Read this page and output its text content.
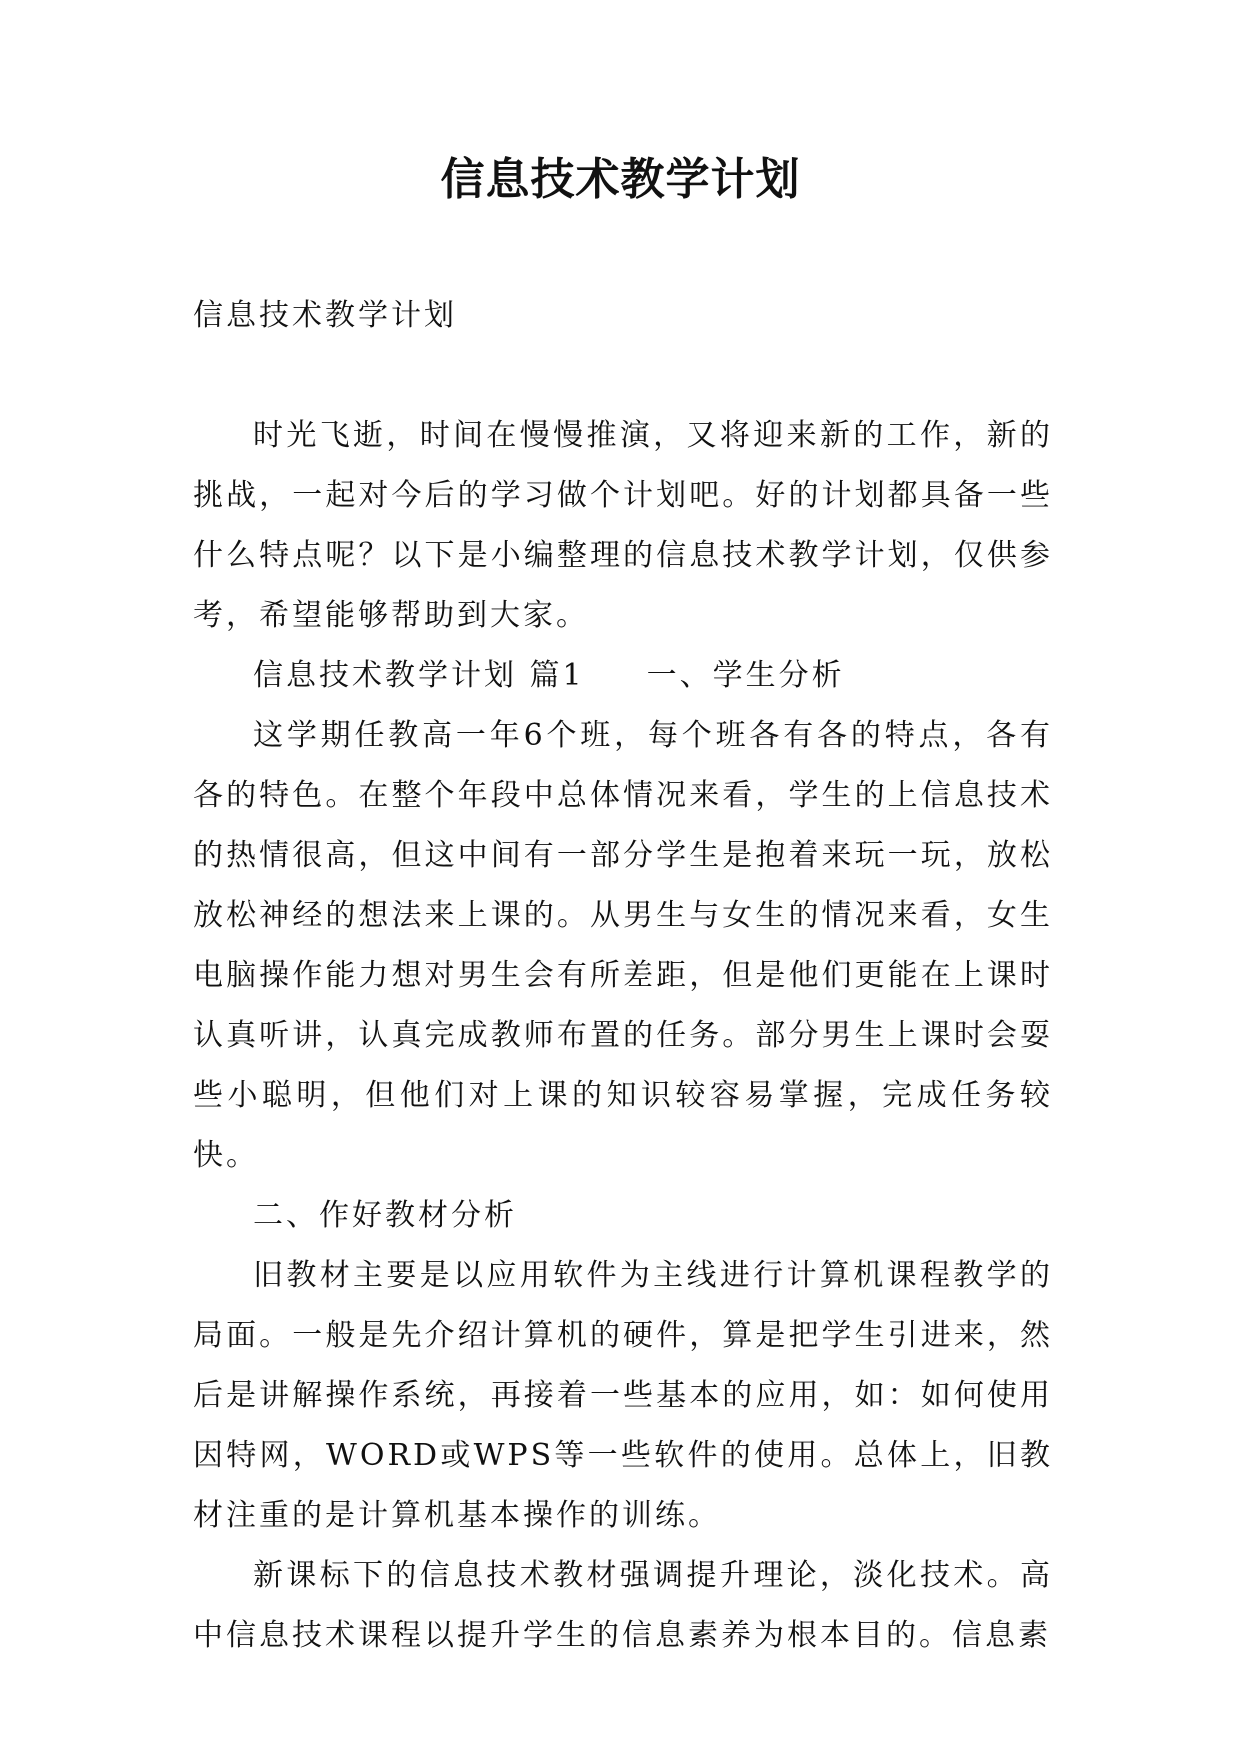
信息技术教学计划

信息技术教学计划

时光飞逝，时间在慢慢推演，又将迎来新的工作，新的挑战，一起对今后的学习做个计划吧。好的计划都具备一些什么特点呢？以下是小编整理的信息技术教学计划，仅供参考，希望能够帮助到大家。

信息技术教学计划 篇1 一、学生分析

这学期任教高一年6个班，每个班各有各的特点，各有各的特色。在整个年段中总体情况来看，学生的上信息技术的热情很高，但这中间有一部分学生是抱着来玩一玩，放松放松神经的想法来上课的。从男生与女生的情况来看，女生电脑操作能力想对男生会有所差距，但是他们更能在上课时认真听讲，认真完成教师布置的任务。部分男生上课时会耍些小聪明，但他们对上课的知识较容易掌握，完成任务较快。

二、作好教材分析

旧教材主要是以应用软件为主线进行计算机课程教学的局面。一般是先介绍计算机的硬件，算是把学生引进来，然后是讲解操作系统，再接着一些基本的应用，如：如何使用因特网，WORD或WPS等一些软件的使用。总体上，旧教材注重的是计算机基本操作的训练。

新课标下的信息技术教材强调提升理论，淡化技术。高中信息技术课程以提升学生的信息素养为根本目的。信息素
